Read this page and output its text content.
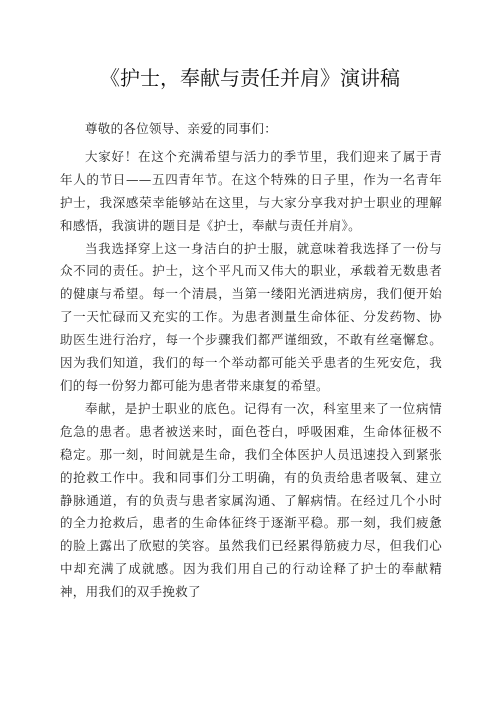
《护士，奉献与责任并肩》演讲稿

尊敬的各位领导、亲爱的同事们：

大家好！在这个充满希望与活力的季节里，我们迎来了属于青年人的节日——五四青年节。在这个特殊的日子里，作为一名青年护士，我深感荣幸能够站在这里，与大家分享我对护士职业的理解和感悟，我演讲的题目是《护士，奉献与责任并肩》。

当我选择穿上这一身洁白的护士服，就意味着我选择了一份与众不同的责任。护士，这个平凡而又伟大的职业，承载着无数患者的健康与希望。每一个清晨，当第一缕阳光洒进病房，我们便开始了一天忙碌而又充实的工作。为患者测量生命体征、分发药物、协助医生进行治疗，每一个步骤我们都严谨细致，不敢有丝毫懈怠。因为我们知道，我们的每一个举动都可能关乎患者的生死安危，我们的每一份努力都可能为患者带来康复的希望。

奉献，是护士职业的底色。记得有一次，科室里来了一位病情危急的患者。患者被送来时，面色苍白，呼吸困难，生命体征极不稳定。那一刻，时间就是生命，我们全体医护人员迅速投入到紧张的抢救工作中。我和同事们分工明确，有的负责给患者吸氧、建立静脉通道，有的负责与患者家属沟通、了解病情。在经过几个小时的全力抢救后，患者的生命体征终于逐渐平稳。那一刻，我们疲惫的脸上露出了欣慰的笑容。虽然我们已经累得筋疲力尽，但我们心中却充满了成就感。因为我们用自己的行动诠释了护士的奉献精神，用我们的双手挽救了
